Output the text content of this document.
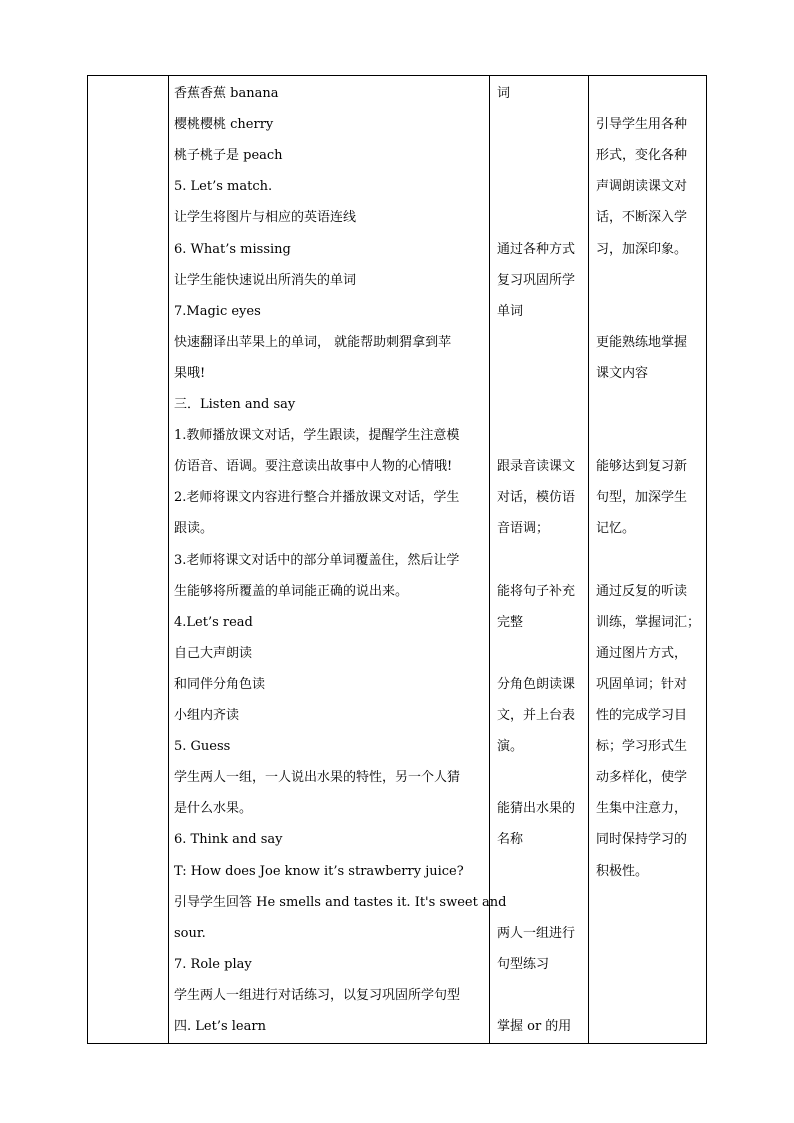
香蕉香蕉 banana
樱桃樱桃 cherry
桃子桃子是 peach
5. Let’s match.
让学生将图片与相应的英语连线
6. What’s missing
让学生能快速说出所消失的单词
7.Magic eyes
快速翻译出苹果上的单词， 就能帮助刺猬拿到苹
果哦!
三．Listen and say
1.教师播放课文对话，学生跟读，提醒学生注意模
仿语音、语调。要注意读出故事中人物的心情哦!
2.老师将课文内容进行整合并播放课文对话，学生
跟读。
3.老师将课文对话中的部分单词覆盖住，然后让学
生能够将所覆盖的单词能正确的说出来。
4.Let’s read
自己大声朗读
和同伴分角色读
小组内齐读
5. Guess
学生两人一组，一人说出水果的特性，另一个人猜
是什么水果。
6. Think and say
T: How does Joe know it’s strawberry juice?
引导学生回答 He smells and tastes it. It's sweet and
sour.
7. Role play
学生两人一组进行对话练习，以复习巩固所学句型
四. Let’s learn
词
通过各种方式
复习巩固所学
单词
跟录音读课文
对话，模仿语
音语调；
能将句子补充
完整
分角色朗读课
文，并上台表
演。
能猜出水果的
名称
两人一组进行
句型练习
掌握 or 的用
引导学生用各种
形式，变化各种
声调朗读课文对
话，不断深入学
习，加深印象。
更能熟练地掌握
课文内容
能够达到复习新
句型，加深学生
记忆。
通过反复的听读
训练，掌握词汇；
通过图片方式，
巩固单词；针对
性的完成学习目
标；学习形式生
动多样化，使学
生集中注意力，
同时保持学习的
积极性。
